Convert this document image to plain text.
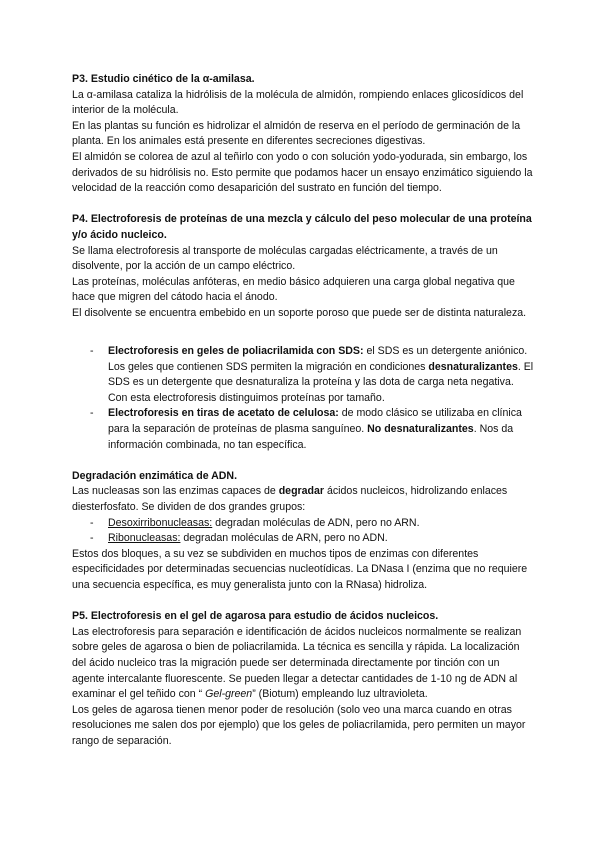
P3. Estudio cinético de la α-amilasa.

La α-amilasa cataliza la hidrólisis de la molécula de almidón, rompiendo enlaces glicosídicos del interior de la molécula.

En las plantas su función es hidrolizar el almidón de reserva en el período de germinación de la planta. En los animales está presente en diferentes secreciones digestivas.

El almidón se colorea de azul al teñirlo con yodo o con solución yodo-yodurada, sin embargo, los derivados de su hidrólisis no. Esto permite que podamos hacer un ensayo enzimático siguiendo la velocidad de la reacción como desaparición del sustrato en función del tiempo.

P4. Electroforesis de proteínas de una mezcla y cálculo del peso molecular de una proteína y/o ácido nucleico.

Se llama electroforesis al transporte de moléculas cargadas eléctricamente, a través de un disolvente, por la acción de un campo eléctrico.

Las proteínas, moléculas anfóteras, en medio básico adquieren una carga global negativa que hace que migren del cátodo hacia el ánodo.

El disolvente se encuentra embebido en un soporte poroso que puede ser de distinta naturaleza.

- Electroforesis en geles de poliacrilamida con SDS: el SDS es un detergente aniónico. Los geles que contienen SDS permiten la migración en condiciones desnaturalizantes. El SDS es un detergente que desnaturaliza la proteína y las dota de carga neta negativa. Con esta electroforesis distinguimos proteínas por tamaño.
- Electroforesis en tiras de acetato de celulosa: de modo clásico se utilizaba en clínica para la separación de proteínas de plasma sanguíneo. No desnaturalizantes. Nos da información combinada, no tan específica.

Degradación enzimática de ADN.

Las nucleasas son las enzimas capaces de degradar ácidos nucleicos, hidrolizando enlaces diesterfosfato. Se dividen de dos grandes grupos:

- Desoxirribonucleasas: degradan moléculas de ADN, pero no ARN.
- Ribonucleasas: degradan moléculas de ARN, pero no ADN.

Estos dos bloques, a su vez se subdividen en muchos tipos de enzimas con diferentes especificidades por determinadas secuencias nucleotídicas. La DNasa I (enzima que no requiere una secuencia específica, es muy generalista junto con la RNasa) hidroliza.

P5. Electroforesis en el gel de agarosa para estudio de ácidos nucleicos.

Las electroforesis para separación e identificación de ácidos nucleicos normalmente se realizan sobre geles de agarosa o bien de poliacrilamida. La técnica es sencilla y rápida. La localización del ácido nucleico tras la migración puede ser determinada directamente por tinción con un agente intercalante fluorescente. Se pueden llegar a detectar cantidades de 1-10 ng de ADN al examinar el gel teñido con “ Gel-green” (Biotum) empleando luz ultravioleta.

Los geles de agarosa tienen menor poder de resolución (solo veo una marca cuando en otras resoluciones me salen dos por ejemplo) que los geles de poliacrilamida, pero permiten un mayor rango de separación.
